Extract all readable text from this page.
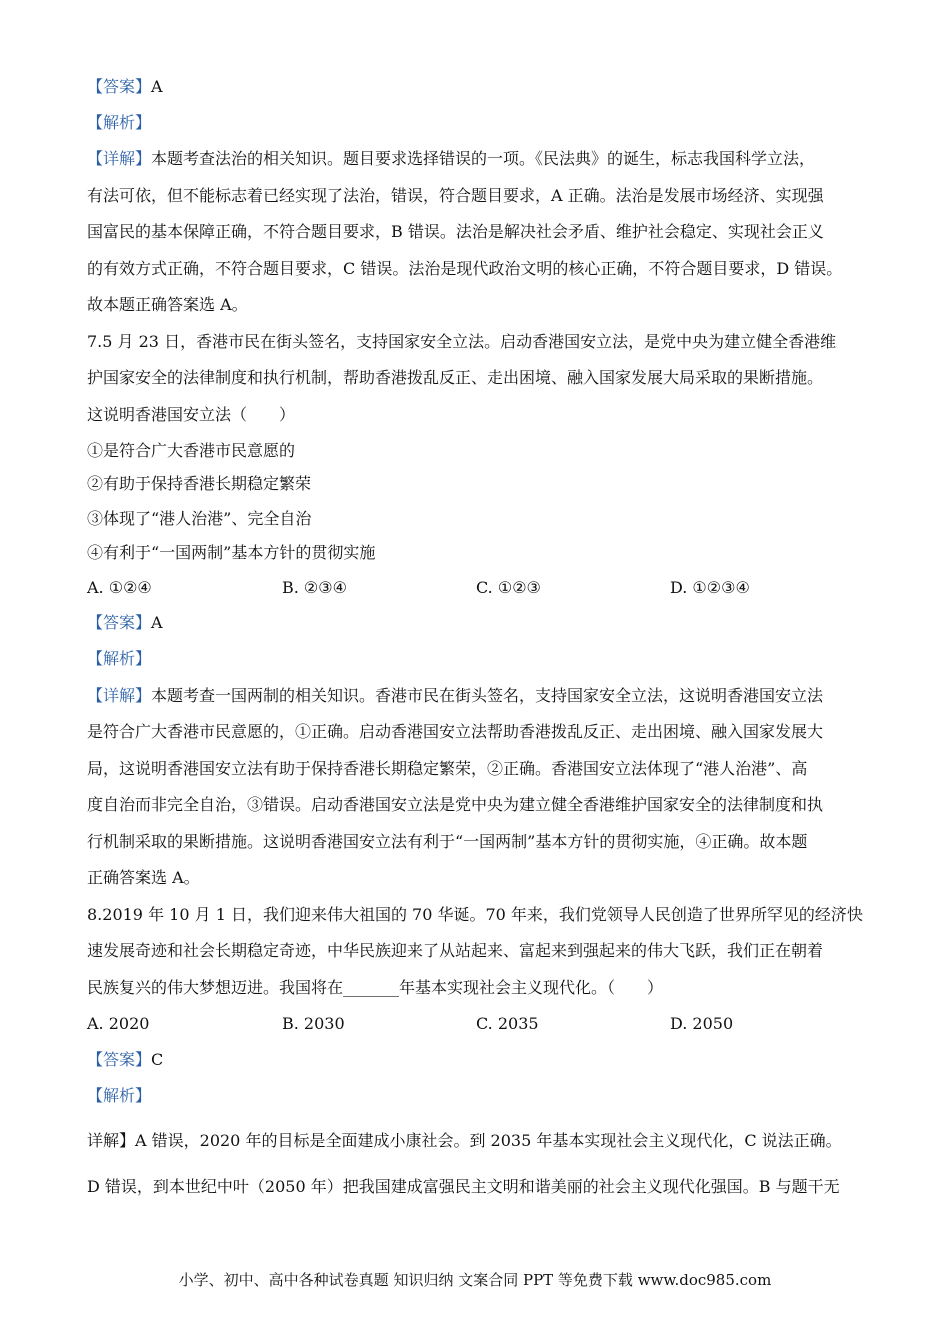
【答案】A
【解析】
【详解】本题考查法治的相关知识。题目要求选择错误的一项。《民法典》的诞生，标志我国科学立法，
有法可依，但不能标志着已经实现了法治，错误，符合题目要求，A 正确。法治是发展市场经济、实现强
国富民的基本保障正确，不符合题目要求，B 错误。法治是解决社会矛盾、维护社会稳定、实现社会正义
的有效方式正确，不符合题目要求，C 错误。法治是现代政治文明的核心正确，不符合题目要求，D 错误。
故本题正确答案选 A。
7.5 月 23 日，香港市民在街头签名，支持国家安全立法。启动香港国安立法，是党中央为建立健全香港维
护国家安全的法律制度和执行机制，帮助香港拨乱反正、走出困境、融入国家发展大局采取的果断措施。
这说明香港国安立法（　　）
①是符合广大香港市民意愿的
②有助于保持香港长期稳定繁荣
③体现了“港人治港”、完全自治
④有利于“一国两制”基本方针的贯彻实施
A. ①②④	B. ②③④	C. ①②③	D. ①②③④
【答案】A
【解析】
【详解】本题考查一国两制的相关知识。香港市民在街头签名，支持国家安全立法，这说明香港国安立法
是符合广大香港市民意愿的，①正确。启动香港国安立法帮助香港拨乱反正、走出困境、融入国家发展大
局，这说明香港国安立法有助于保持香港长期稳定繁荣，②正确。香港国安立法体现了“港人治港”、高
度自治而非完全自治，③错误。启动香港国安立法是党中央为建立健全香港维护国家安全的法律制度和执
行机制采取的果断措施。这说明香港国安立法有利于“一国两制”基本方针的贯彻实施，④正确。故本题
正确答案选 A。
8.2019 年 10 月 1 日，我们迎来伟大祖国的 70 华诞。70 年来，我们党领导人民创造了世界所罕见的经济快
速发展奇迹和社会长期稳定奇迹，中华民族迎来了从站起来、富起来到强起来的伟大飞跃，我们正在朝着
民族复兴的伟大梦想迈进。我国将在_______年基本实现社会主义现代化。（　　）
A. 2020	B. 2030	C. 2035	D. 2050
【答案】C
【解析】
详解】A 错误，2020 年的目标是全面建成小康社会。到 2035 年基本实现社会主义现代化，C 说法正确。
D 错误，到本世纪中叶（2050 年）把我国建成富强民主文明和谐美丽的社会主义现代化强国。B 与题干无
小学、初中、高中各种试卷真题 知识归纳 文案合同 PPT 等免费下载 www.doc985.com
